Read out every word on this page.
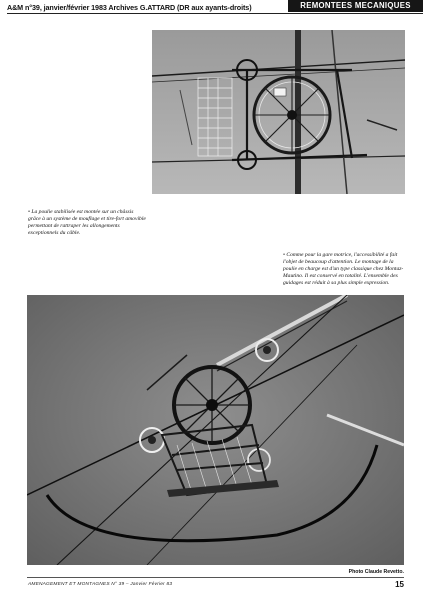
A&M n°39, janvier/février 1983 Archives G.ATTARD (DR aux ayants-droits)	REMONTEES MECANIQUES
• La poulie stabilisée est montée sur un châssis grâce à un système de mouflage et tire-fort amovible permettant de rattraper les allongements exceptionnels du câble.
• Comme pour la gare motrice, l'accessibilité a fait l'objet de beaucoup d'attention. Le montage de la poulie en charge est d'un type classique chez Montaz-Mautino. Il est conservé en totalité. L'ensemble des guidages est réduit à sa plus simple expression.
Photo Claude Revetto.
AMENAGEMENT ET MONTAGNES N° 39 – Janvier Février 83	15
